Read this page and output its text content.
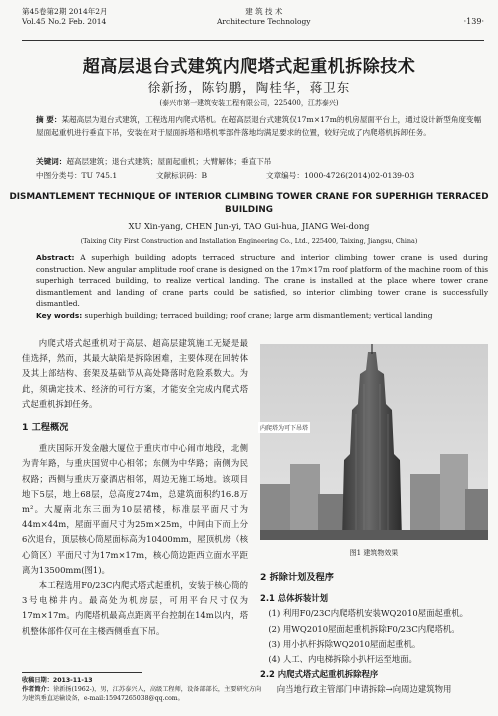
第45卷第2期 2014年2月
Vol.45 No.2 Feb. 2014
建 筑 技 术
Architecture Technology	·139·
超高层退台式建筑内爬塔式起重机拆除技术
徐新扬，陈钧鹏，陶桂华，蒋卫东
(泰兴市第一建筑安装工程有限公司，225400，江苏泰兴)
摘 要：某超高层为退台式建筑，工程选用内爬式塔机。在超高层退台式建筑仅17m×17m的机房屋面平台上，通过设计新型角度变幅屋面起重机进行垂直下吊，安装在对于屋面拆塔和塔机零部件落地均满足要求的位置，较好完成了内爬塔机拆卸任务。
关键词：超高层建筑；退台式建筑；屋面起重机；大臂解体；垂直下吊
中图分类号：TU 745.1	文献标识码：B	文章编号：1000-4726(2014)02-0139-03
DISMANTLEMENT TECHNIQUE OF INTERIOR CLIMBING TOWER CRANE FOR SUPERHIGH TERRACED BUILDING
XU Xin-yang, CHEN Jun-yi, TAO Gui-hua, JIANG Wei-dong
(Taixing City First Construction and Installation Engineering Co., Ltd., 225400, Taixing, Jiangsu, China)
Abstract: A superhigh building adopts terraced structure and interior climbing tower crane is used during construction. New angular amplitude roof crane is designed on the 17m×17m roof platform of the machine room of this superhigh terraced building, to realize vertical landing. The crane is installed at the place where tower crane dismantlement and landing of crane parts could be satisfied, so interior climbing tower crane is successfully dismantled.
Key words: superhigh building; terraced building; roof crane; large arm dismantlement; vertical landing
内爬式塔式起重机对于高层、超高层建筑施工无疑是最佳选择，然而，其最大缺陷是拆除困难，主要体现在回转体及其上部结构、套架及基础节从高处降落时危险系数大。为此，须确定技术、经济的可行方案，才能安全完成内爬式塔式起重机拆卸任务。
1 工程概况
重庆国际开发金融大厦位于重庆市中心闹市地段，北侧为青年路，与重庆国贸中心相邻；东侧为中华路；南侧为民权路；西侧与重庆万豪酒店相邻，周边无施工场地。该项目地下5层，地上68层，总高度274m，总建筑面积约16.8万m²。大厦南北东三面为10层裙楼，标准层平面尺寸为44m×44m，屋面平面尺寸为25m×25m，中间由下而上分6次退台，顶层核心筒屋面标高为10400mm，屋顶机房（核心筒区）平面尺寸为17m×17m，核心筒边距西立面水平距离为13500mm(图1)。
本工程选用F0/23C内爬式塔式起重机，安装于核心筒的3号电梯井内。最高处为机房层，可用平台尺寸仅为17m×17m。内爬塔机最高点距离平台控制在14m以内，塔机整体部件仅可在主楼西侧垂直下吊。
内爬塔为可下吊塔
图1 建筑物效果
2 拆除计划及程序
2.1 总体拆装计划
(1) 利用F0/23C内爬塔机安装WQ2010屋面起重机。
(2) 用WQ2010屋面起重机拆除F0/23C内爬塔机。
(3) 用小扒杆拆除WQ2010屋面起重机。
(4) 人工、内电梯拆除小扒杆运至地面。
2.2 内爬式塔式起重机拆除程序
向当地行政主管部门申请拆除→向周边建筑物用
收稿日期：2013-11-13
作者简介：徐新扬(1962-)，男，江苏泰兴人，高级工程师，设备部部长，主要研究方向为建筑垂直运输设备，e-mail:15947265038@qq.com。
